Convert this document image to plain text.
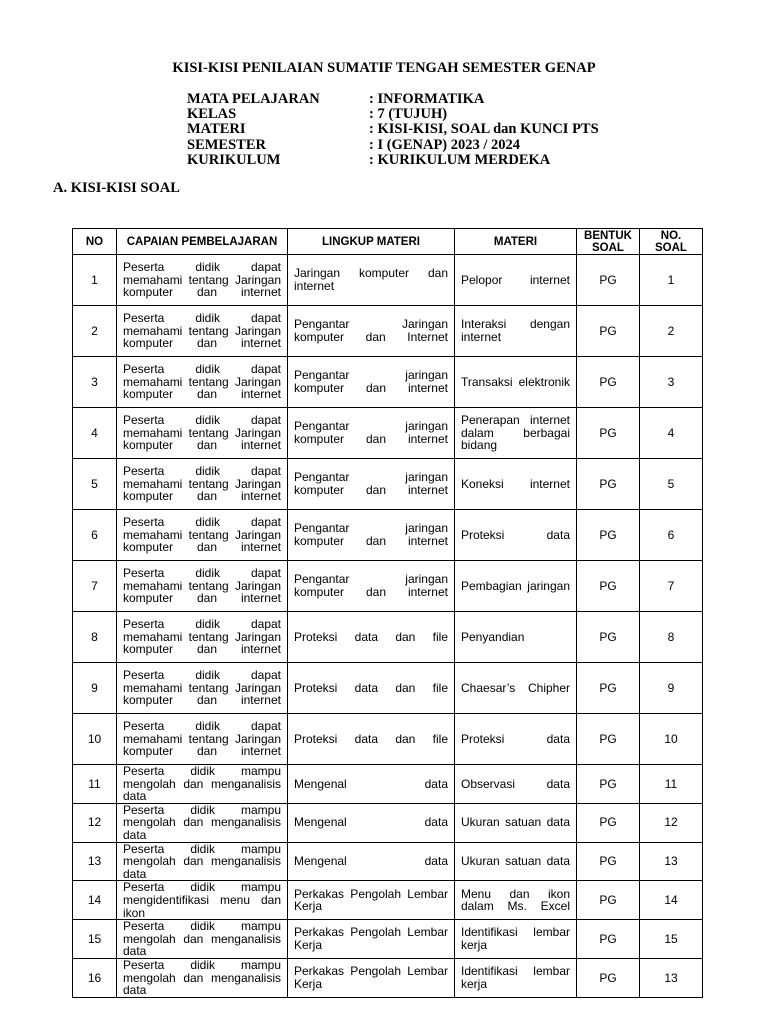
KISI-KISI PENILAIAN SUMATIF TENGAH SEMESTER GENAP
MATA PELAJARAN	: INFORMATIKA
KELAS	: 7 (TUJUH)
MATERI	: KISI-KISI, SOAL dan KUNCI PTS
SEMESTER	: I (GENAP) 2023 / 2024
KURIKULUM	: KURIKULUM MERDEKA
A. KISI-KISI SOAL
NO	CAPAIAN PEMBELAJARAN	LINGKUP MATERI	MATERI	BENTUK SOAL	NO. SOAL
1	Peserta didik dapat memahami tentang Jaringan komputer dan internet	Jaringan komputer dan internet	Pelopor internet	PG	1
2	Peserta didik dapat memahami tentang Jaringan komputer dan internet	Pengantar Jaringan komputer dan Internet	Interaksi dengan internet	PG	2
3	Peserta didik dapat memahami tentang Jaringan komputer dan internet	Pengantar jaringan komputer dan internet	Transaksi elektronik	PG	3
4	Peserta didik dapat memahami tentang Jaringan komputer dan internet	Pengantar jaringan komputer dan internet	Penerapan internet dalam berbagai bidang	PG	4
5	Peserta didik dapat memahami tentang Jaringan komputer dan internet	Pengantar jaringan komputer dan internet	Koneksi internet	PG	5
6	Peserta didik dapat memahami tentang Jaringan komputer dan internet	Pengantar jaringan komputer dan internet	Proteksi data	PG	6
7	Peserta didik dapat memahami tentang Jaringan komputer dan internet	Pengantar jaringan komputer dan internet	Pembagian jaringan	PG	7
8	Peserta didik dapat memahami tentang Jaringan komputer dan internet	Proteksi data dan file	Penyandian	PG	8
9	Peserta didik dapat memahami tentang Jaringan komputer dan internet	Proteksi data dan file	Chaesar’s Chipher	PG	9
10	Peserta didik dapat memahami tentang Jaringan komputer dan internet	Proteksi data dan file	Proteksi data	PG	10
11	Peserta didik mampu mengolah dan menganalisis data	Mengenal data	Observasi data	PG	11
12	Peserta didik mampu mengolah dan menganalisis data	Mengenal data	Ukuran satuan data	PG	12
13	Peserta didik mampu mengolah dan menganalisis data	Mengenal data	Ukuran satuan data	PG	13
14	Peserta didik mampu mengidentifikasi menu dan ikon	Perkakas Pengolah Lembar Kerja	Menu dan ikon dalam Ms. Excel	PG	14
15	Peserta didik mampu mengolah dan menganalisis data	Perkakas Pengolah Lembar Kerja	Identifikasi lembar kerja	PG	15
16	Peserta didik mampu mengolah dan menganalisis data	Perkakas Pengolah Lembar Kerja	Identifikasi lembar kerja	PG	13
